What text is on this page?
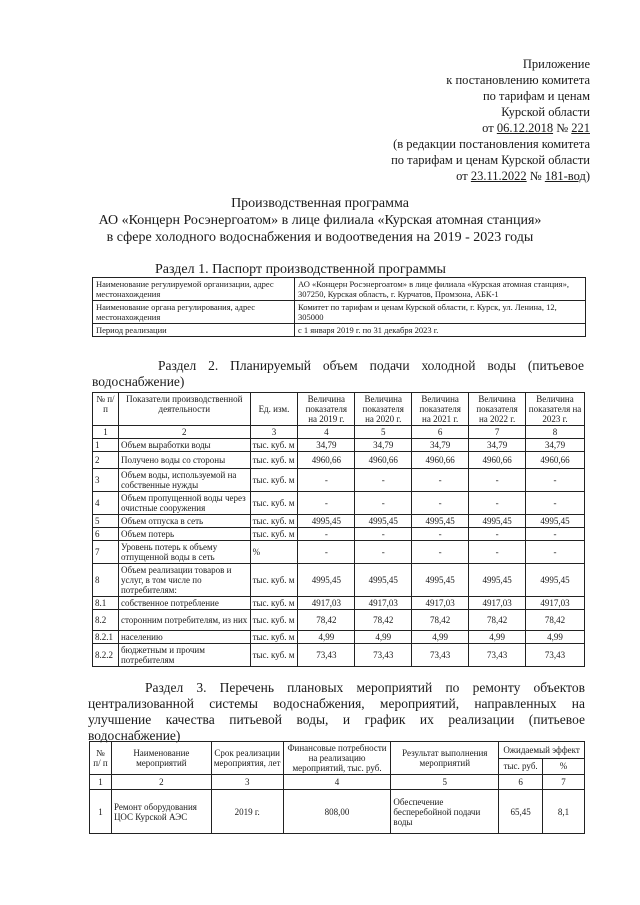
Приложение
к постановлению комитета
по тарифам и ценам
Курской области
от 06.12.2018 № 221
(в редакции постановления комитета
по тарифам и ценам Курской области
от 23.11.2022 № 181-вод)
Производственная программа
АО «Концерн Росэнергоатом» в лице филиала «Курская атомная станция»
в сфере холодного водоснабжения и водоотведения на 2019 - 2023 годы
Раздел 1. Паспорт производственной программы
Наименование регулируемой организации, адрес местонахождения	АО «Концерн Росэнергоатом» в лице филиала «Курская атомная станция», 307250, Курская область, г. Курчатов, Промзона, АБК-1
Наименование органа регулирования, адрес местонахождения	Комитет по тарифам и ценам Курской области, г. Курск, ул. Ленина, 12, 305000
Период реализации	с 1 января 2019 г. по 31 декабря 2023 г.
Раздел 2. Планируемый объем подачи холодной воды (питьевое водоснабжение)
№ п/п	Показатели производственной деятельности	Ед. изм.	Величина показателя на 2019 г.	Величина показателя на 2020 г.	Величина показателя на 2021 г.	Величина показателя на 2022 г.	Величина показателя на 2023 г.
1	2	3	4	5	6	7	8
1	Объем выработки воды	тыс. куб. м	34,79	34,79	34,79	34,79	34,79
2	Получено воды со стороны	тыс. куб. м	4960,66	4960,66	4960,66	4960,66	4960,66
3	Объем воды, используемой на собственные нужды	тыс. куб. м	-	-	-	-	-
4	Объем пропущенной воды через очистные сооружения	тыс. куб. м	-	-	-	-	-
5	Объем отпуска в сеть	тыс. куб. м	4995,45	4995,45	4995,45	4995,45	4995,45
6	Объем потерь	тыс. куб. м	-	-	-	-	-
7	Уровень потерь к объему отпущенной воды в сеть	%	-	-	-	-	-
8	Объем реализации товаров и услуг, в том числе по потребителям:	тыс. куб. м	4995,45	4995,45	4995,45	4995,45	4995,45
8.1	собственное потребление	тыс. куб. м	4917,03	4917,03	4917,03	4917,03	4917,03
8.2	сторонним потребителям, из них	тыс. куб. м	78,42	78,42	78,42	78,42	78,42
8.2.1	населению	тыс. куб. м	4,99	4,99	4,99	4,99	4,99
8.2.2	бюджетным и прочим потребителям	тыс. куб. м	73,43	73,43	73,43	73,43	73,43
Раздел 3. Перечень плановых мероприятий по ремонту объектов централизованной системы водоснабжения, мероприятий, направленных на улучшение качества питьевой воды, и график их реализации (питьевое водоснабжение)
№ п/ п	Наименование мероприятий	Срок реализации мероприятия, лет	Финансовые потребности на реализацию мероприятий, тыс. руб.	Результат выполнения мероприятий	Ожидаемый эффект	
					тыс. руб.	%
1	2	3	4	5	6	7
1	Ремонт оборудования ЦОС Курской АЭС	2019 г.	808,00	Обеспечение бесперебойной подачи воды	65,45	8,1
